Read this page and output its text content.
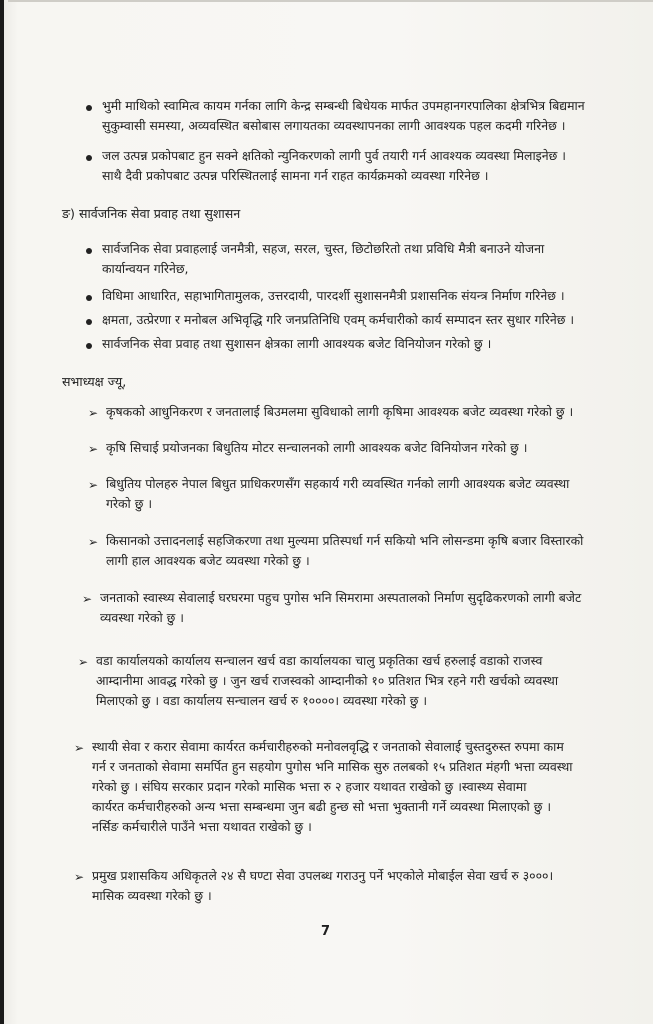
भुमी माथिको स्वामित्व कायम गर्नका लागि केन्द्र सम्बन्धी बिधेयक मार्फत उपमहानगरपालिका क्षेत्रभित्र बिद्यमान
सुकुम्वासी समस्या, अव्यवस्थित बसोबास लगायतका व्यवस्थापनका लागी आवश्यक पहल कदमी गरिनेछ ।
जल उत्पन्न प्रकोपबाट हुन सक्ने क्षतिको न्युनिकरणको लागी पुर्व तयारी गर्न आवश्यक व्यवस्था मिलाइनेछ ।
साथै दैवी प्रकोपबाट उत्पन्न परिस्थितलाई सामना गर्न राहत कार्यक्रमको व्यवस्था गरिनेछ ।
ङ) सार्वजनिक सेवा प्रवाह तथा सुशासन
सार्वजनिक सेवा प्रवाहलाई जनमैत्री, सहज, सरल, चुस्त, छिटोछरितो तथा प्रविधि मैत्री बनाउने योजना
कार्यान्वयन गरिनेछ,
विधिमा आधारित, सहाभागितामुलक, उत्तरदायी, पारदर्शी सुशासनमैत्री प्रशासनिक संयन्त्र निर्माण गरिनेछ ।
क्षमता, उत्प्रेरणा र मनोबल अभिवृद्धि गरि जनप्रतिनिधि एवम् कर्मचारीको कार्य सम्पादन स्तर सुधार गरिनेछ ।
सार्वजनिक सेवा प्रवाह तथा सुशासन क्षेत्रका लागी आवश्यक बजेट विनियोजन गरेको छु ।
सभाध्यक्ष ज्यू,
➢ कृषकको आधुनिकरण र जनतालाई बिउमलमा सुविधाको लागी कृषिमा आवश्यक बजेट व्यवस्था गरेको छु ।
➢ कृषि सिचाई प्रयोजनका बिधुतिय मोटर सन्चालनको लागी आवश्यक बजेट विनियोजन गरेको छु ।
➢ बिधुतिय पोलहरु नेपाल बिधुत प्राधिकरणसँग सहकार्य गरी व्यवस्थित गर्नको लागी आवश्यक बजेट व्यवस्था
गरेको छु ।
➢ किसानको उत्तादनलाई सहजिकरणा तथा मुल्यमा प्रतिस्पर्धा गर्न सकियो भनि लोसन्डमा कृषि बजार विस्तारको
लागी हाल आवश्यक बजेट व्यवस्था गरेको छु ।
➢ जनताको स्वास्थ्य सेवालाई घरघरमा पहुच पुगोस भनि सिमरामा अस्पतालको निर्माण सुदृढिकरणको लागी बजेट
व्यवस्था गरेको छु ।
➢ वडा कार्यालयको कार्यालय सन्चालन खर्च वडा कार्यालयका चालु प्रकृतिका खर्च हरुलाई वडाको राजस्व
आम्दानीमा आवद्ध गरेको छु । जुन खर्च राजस्वको आम्दानीको १० प्रतिशत भित्र रहने गरी खर्चको व्यवस्था
मिलाएको छु । वडा कार्यालय सन्चालन खर्च रु १००००। व्यवस्था गरेको छु ।
➢ स्थायी सेवा र करार सेवामा कार्यरत कर्मचारीहरुको मनोवलवृद्धि र जनताको सेवालाई चुस्तदुरुस्त रुपमा काम
गर्न र जनताको सेवामा समर्पित हुन सहयोग पुगोस भनि मासिक सुरु तलबको १५ प्रतिशत मंहगी भत्ता व्यवस्था
गरेको छु । संघिय सरकार प्रदान गरेको मासिक भत्ता रु २ हजार यथावत राखेको छु ।स्वास्थ्य सेवामा
कार्यरत कर्मचारीहरुको अन्य भत्ता सम्बन्धमा जुन बढी हुन्छ सो भत्ता भुक्तानी गर्ने व्यवस्था मिलाएको छु ।
नर्सिङ कर्मचारीले पाउँने भत्ता यथावत राखेको छु ।
➢ प्रमुख प्रशासकिय अधिकृतले २४ सै घण्टा सेवा उपलब्ध गराउनु पर्ने भएकोले मोबाईल सेवा खर्च रु ३०००।
मासिक व्यवस्था गरेको छु ।
7
